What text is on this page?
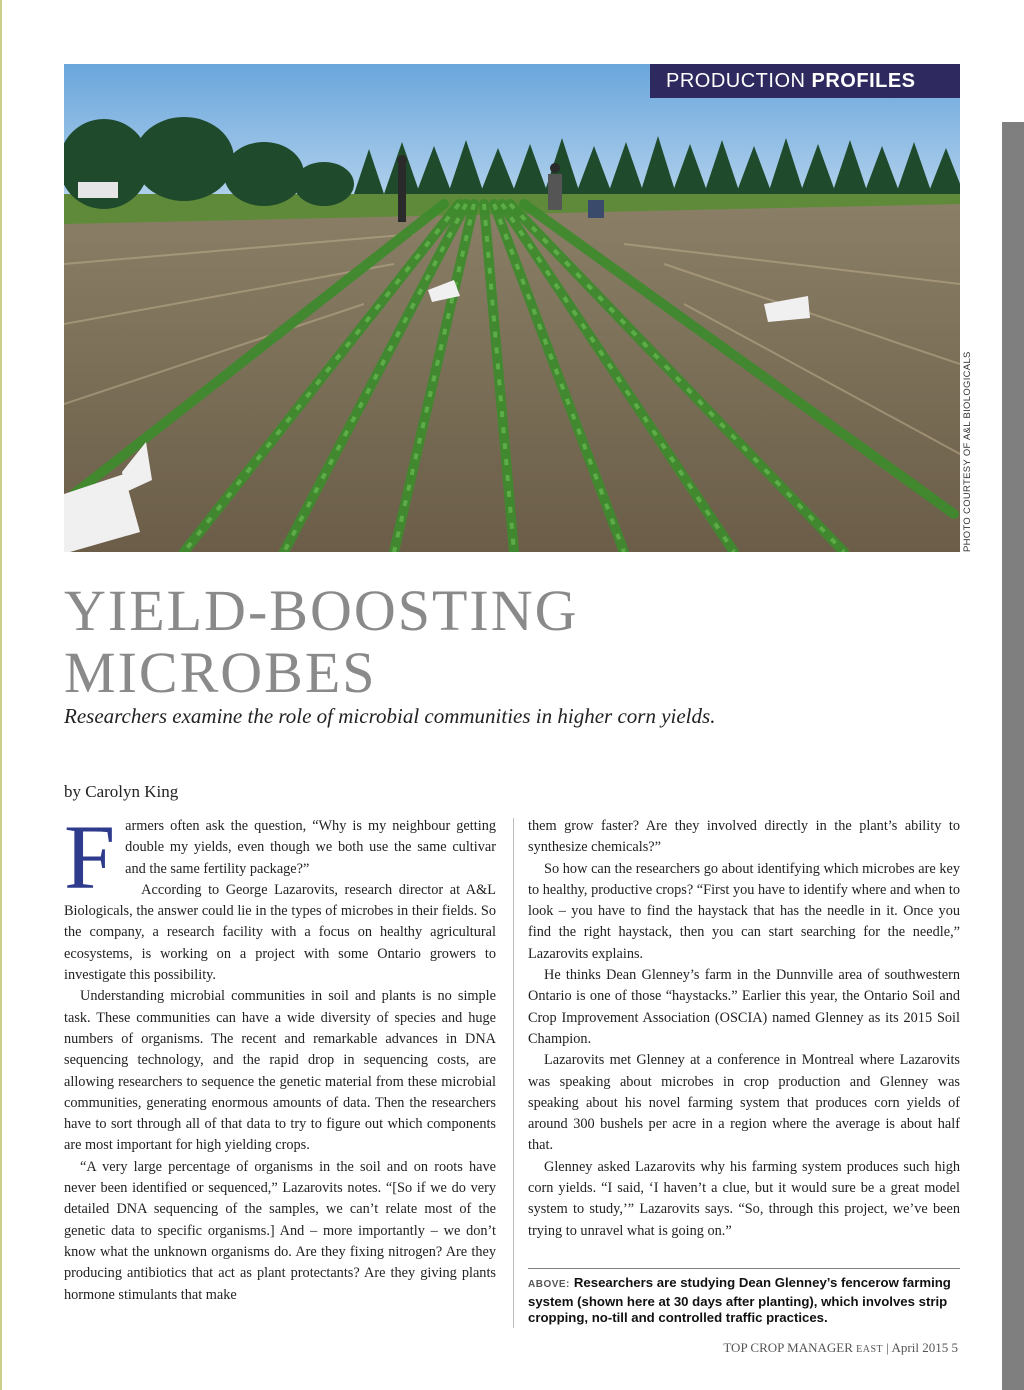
PRODUCTION PROFILES
PHOTO COURTESY OF A&L BIOLOGICALS
YIELD-BOOSTING
MICROBES

Researchers examine the role of microbial communities in higher corn yields.

by Carolyn King

Farmers often ask the question, “Why is my neighbour getting double my yields, even though we both use the same cultivar and the same fertility package?”

According to George Lazarovits, research director at A&L Biologicals, the answer could lie in the types of microbes in their fields. So the company, a research facility with a focus on healthy agricultural ecosystems, is working on a project with some Ontario growers to investigate this possibility.

Understanding microbial communities in soil and plants is no simple task. These communities can have a wide diversity of species and huge numbers of organisms. The recent and remarkable advances in DNA sequencing technology, and the rapid drop in sequencing costs, are allowing researchers to sequence the genetic material from these microbial communities, generating enormous amounts of data. Then the researchers have to sort through all of that data to try to figure out which components are most important for high yielding crops.

“A very large percentage of organisms in the soil and on roots have never been identified or sequenced,” Lazarovits notes. “[So if we do very detailed DNA sequencing of the samples, we can’t relate most of the genetic data to specific organisms.] And – more importantly – we don’t know what the unknown organisms do. Are they fixing nitrogen? Are they producing antibiotics that act as plant protectants? Are they giving plants hormone stimulants that make

them grow faster? Are they involved directly in the plant’s ability to synthesize chemicals?”

So how can the researchers go about identifying which microbes are key to healthy, productive crops? “First you have to identify where and when to look – you have to find the haystack that has the needle in it. Once you find the right haystack, then you can start searching for the needle,” Lazarovits explains.

He thinks Dean Glenney’s farm in the Dunnville area of southwestern Ontario is one of those “haystacks.” Earlier this year, the Ontario Soil and Crop Improvement Association (OSCIA) named Glenney as its 2015 Soil Champion.

Lazarovits met Glenney at a conference in Montreal where Lazarovits was speaking about microbes in crop production and Glenney was speaking about his novel farming system that produces corn yields of around 300 bushels per acre in a region where the average is about half that.

Glenney asked Lazarovits why his farming system produces such high corn yields. “I said, ‘I haven’t a clue, but it would sure be a great model system to study,’” Lazarovits says. “So, through this project, we’ve been trying to unravel what is going on.”

ABOVE: Researchers are studying Dean Glenney’s fencerow farming system (shown here at 30 days after planting), which involves strip cropping, no-till and controlled traffic practices.

TOP CROP MANAGER EAST | April 2015 5
